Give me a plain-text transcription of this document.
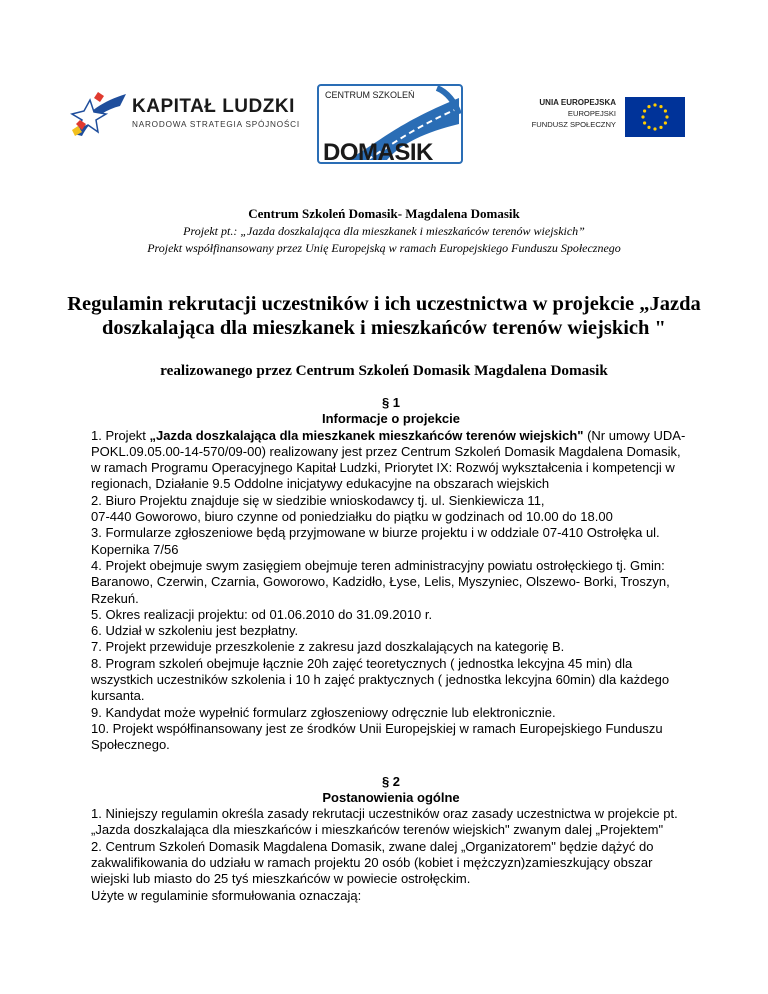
KAPITAŁ LUDZKI
NARODOWA STRATEGIA SPÓJNOŚCI
CENTRUM SZKOLEŃ
DOMASIK
UNIA EUROPEJSKA
EUROPEJSKI
FUNDUSZ SPOŁECZNY
Centrum Szkoleń Domasik- Magdalena Domasik
Projekt pt.: „Jazda doszkalająca dla mieszkanek i mieszkańców terenów wiejskich”
Projekt współfinansowany przez Unię Europejską w ramach Europejskiego Funduszu Społecznego
Regulamin rekrutacji uczestników i ich uczestnictwa w projekcie „Jazda doszkalająca dla mieszkanek i mieszkańców terenów wiejskich "
realizowanego przez Centrum Szkoleń Domasik Magdalena Domasik
§ 1
Informacje o projekcie

1. Projekt „Jazda doszkalająca dla mieszkanek mieszkańców terenów wiejskich" (Nr umowy UDA-POKL.09.05.00-14-570/09-00) realizowany jest przez Centrum Szkoleń Domasik Magdalena Domasik, w ramach Programu Operacyjnego Kapitał Ludzki, Priorytet IX: Rozwój wykształcenia i kompetencji w regionach, Działanie 9.5 Oddolne inicjatywy edukacyjne na obszarach wiejskich

2. Biuro Projektu znajduje się w siedzibie wnioskodawcy tj. ul. Sienkiewicza 11,

07-440 Goworowo, biuro czynne od poniedziałku do piątku w godzinach od 10.00 do 18.00

3. Formularze zgłoszeniowe będą przyjmowane w biurze projektu i w oddziale 07-410 Ostrołęka ul. Kopernika 7/56

4. Projekt obejmuje swym zasięgiem obejmuje teren administracyjny powiatu ostrołęckiego tj. Gmin: Baranowo, Czerwin, Czarnia, Goworowo, Kadzidło, Łyse, Lelis, Myszyniec, Olszewo- Borki, Troszyn, Rzekuń.

5. Okres realizacji projektu: od 01.06.2010 do 31.09.2010 r.

6. Udział w szkoleniu jest bezpłatny.

7. Projekt przewiduje przeszkolenie z zakresu jazd doszkalających na kategorię B.

8. Program szkoleń obejmuje łącznie 20h zajęć teoretycznych ( jednostka lekcyjna 45 min) dla wszystkich uczestników szkolenia i 10 h zajęć praktycznych ( jednostka lekcyjna 60min) dla każdego kursanta.

9. Kandydat może wypełnić formularz zgłoszeniowy odręcznie lub elektronicznie.

10. Projekt współfinansowany jest ze środków Unii Europejskiej w ramach Europejskiego Funduszu Społecznego.

§ 2
Postanowienia ogólne

1. Niniejszy regulamin określa zasady rekrutacji uczestników oraz zasady uczestnictwa w projekcie pt. „Jazda doszkalająca dla mieszkańców i mieszkańców terenów wiejskich" zwanym dalej „Projektem"

2. Centrum Szkoleń Domasik Magdalena Domasik, zwane dalej „Organizatorem" będzie dążyć do zakwalifikowania do udziału w ramach projektu 20 osób (kobiet i mężczyzn)zamieszkujący obszar wiejski lub miasto do 25 tyś mieszkańców w powiecie ostrołęckim.

Użyte w regulaminie sformułowania oznaczają:
